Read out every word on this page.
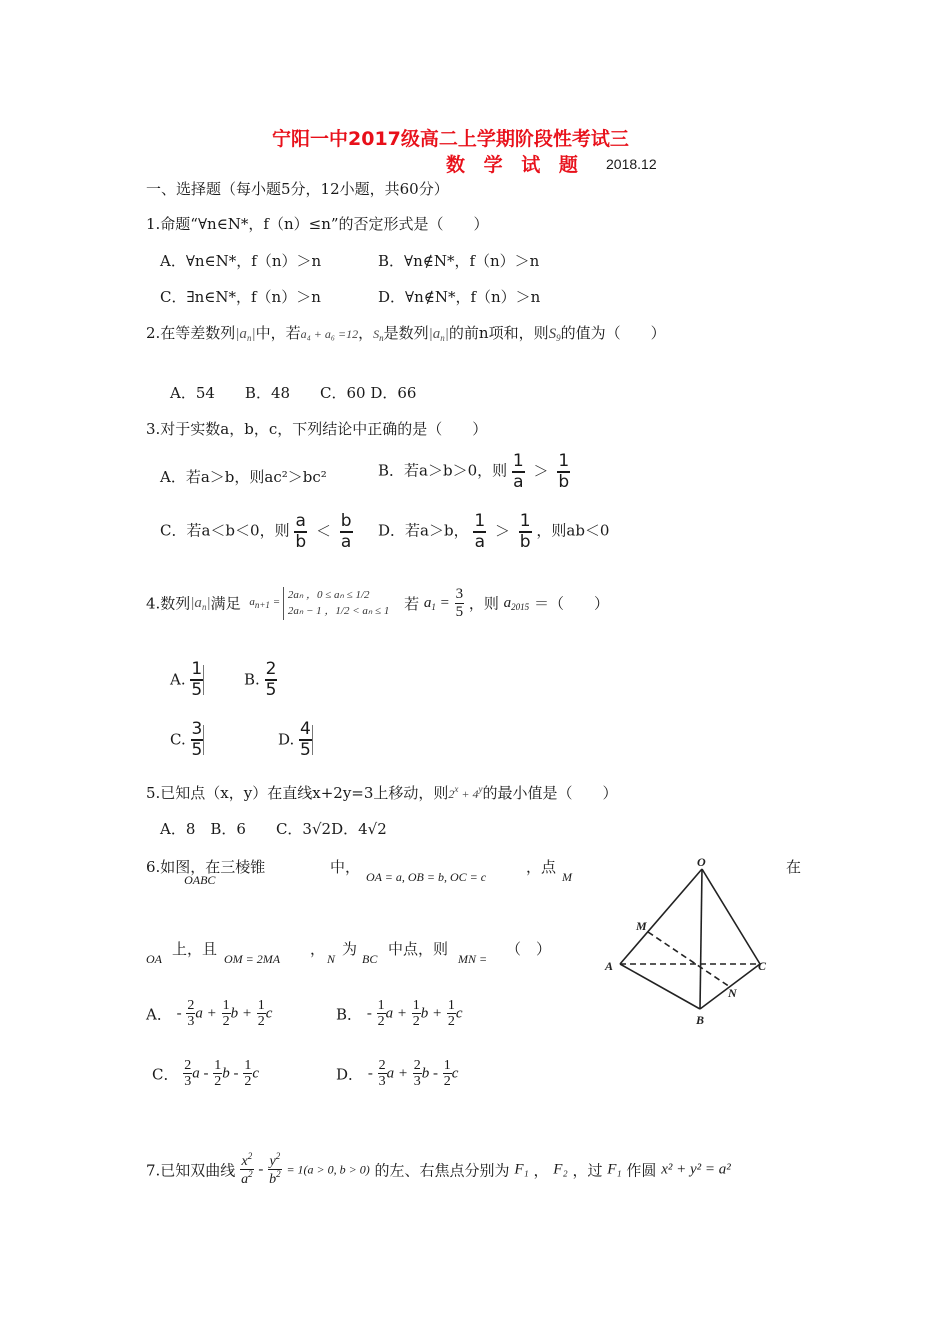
宁阳一中2017级高二上学期阶段性考试三
数 学 试 题 2018.12
一、选择题（每小题5分，12小题，共60分）
1.命题“∀n∈N*，f（n）≤n”的否定形式是（　　）
A．∀n∈N*，f（n）＞n	B．∀n∉N*，f（n）＞n
C．∃n∈N*，f（n）＞n	D．∀n∉N*，f（n）＞n
2.在等差数列$|a_n|$中，若a₄ + a₆ =12，$S_n$是数列$|a_n|$的前n项和，则$S_9$的值为（　　）
A．54　　B．48　　C．60 D．66
3.对于实数a，b，c，下列结论中正确的是（　　）
A．若a＞b，则ac²＞bc²	B．若a＞b＞0，则 $\frac{1}{a} > \frac{1}{b}$
C．若a＜b＜0，则 $\frac{a}{b} < \frac{b}{a}$ D．若a＞b， $\frac{1}{a} > \frac{1}{b}$ ，则ab＜0
4.数列$|a_n|$满足 $a_{n+1}$ =
2aₙ ，0 ≤ aₙ ≤ 1/2
2aₙ − 1 ，1/2 < aₙ ≤ 1 若 $a_1 = \frac{3}{5}$ ，则 $a_{2015}$ ＝（　　）
A. $\frac{1}{5}$	B. $\frac{2}{5}$
C. $\frac{3}{5}$	D. $\frac{4}{5}$
5.已知点（x，y）在直线x+2y=3上移动，则$2^x + 4^y$的最小值是（　　）
A．8　B．6　　C．3√2D．4√2
6.如图，在三棱锥 $_{OABC}$
中，
OA = a, OB = b, OC = c
，点
M
在
OA
上，且
OM = 2MA
，
N
为
BC
中点，则
MN =
（　）
O
M
A	C
N
B
A． - $\frac{2}{3}$ $a + \frac{1}{2}$ $b + \frac{1}{2}$ c	B． - $\frac{1}{2}$ $a + \frac{1}{2}$ $b + \frac{1}{2}$ c
C． $\frac{2}{3}$ a - $\frac{1}{2}$ b - $\frac{1}{2}$ c	D． - $\frac{2}{3}$ $a + \frac{2}{3}$ b - $\frac{1}{2}$ c
7.已知双曲线 $\frac{x^2}{a^2} - \frac{y^2}{b^2} = 1(a > 0$, b > 0) 的左、右焦点分别为 F₁ ， F₂ ，过 F₁ 作圆 x² + y² = a²
